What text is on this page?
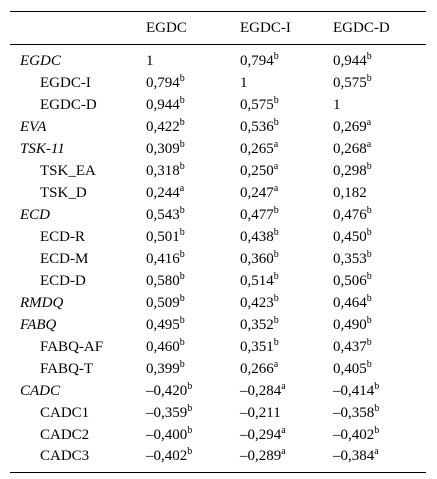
	EGDC	EGDC-I	EGDC-D
EGDC	1	0,794$^b$	0,944$^b$
EGDC-I	0,794$^b$	1	0,575$^b$
EGDC-D	0,944$^b$	0,575$^b$	1
EVA	0,422$^b$	0,536$^b$	0,269$^a$
TSK-11	0,309$^b$	0,265$^a$	0,268$^a$
TSK_EA	0,318$^b$	0,250$^a$	0,298$^b$
TSK_D	0,244$^a$	0,247$^a$	0,182
ECD	0,543$^b$	0,477$^b$	0,476$^b$
ECD-R	0,501$^b$	0,438$^b$	0,450$^b$
ECD-M	0,416$^b$	0,360$^b$	0,353$^b$
ECD-D	0,580$^b$	0,514$^b$	0,506$^b$
RMDQ	0,509$^b$	0,423$^b$	0,464$^b$
FABQ	0,495$^b$	0,352$^b$	0,490$^b$
FABQ-AF	0,460$^b$	0,351$^b$	0,437$^b$
FABQ-T	0,399$^b$	0,266$^a$	0,405$^b$
CADC	–0,420$^b$	–0,284$^a$	–0,414$^b$
CADC1	–0,359$^b$	–0,211	–0,358$^b$
CADC2	–0,400$^b$	–0,294$^a$	–0,402$^b$
CADC3	–0,402$^b$	–0,289$^a$	–0,384$^a$
